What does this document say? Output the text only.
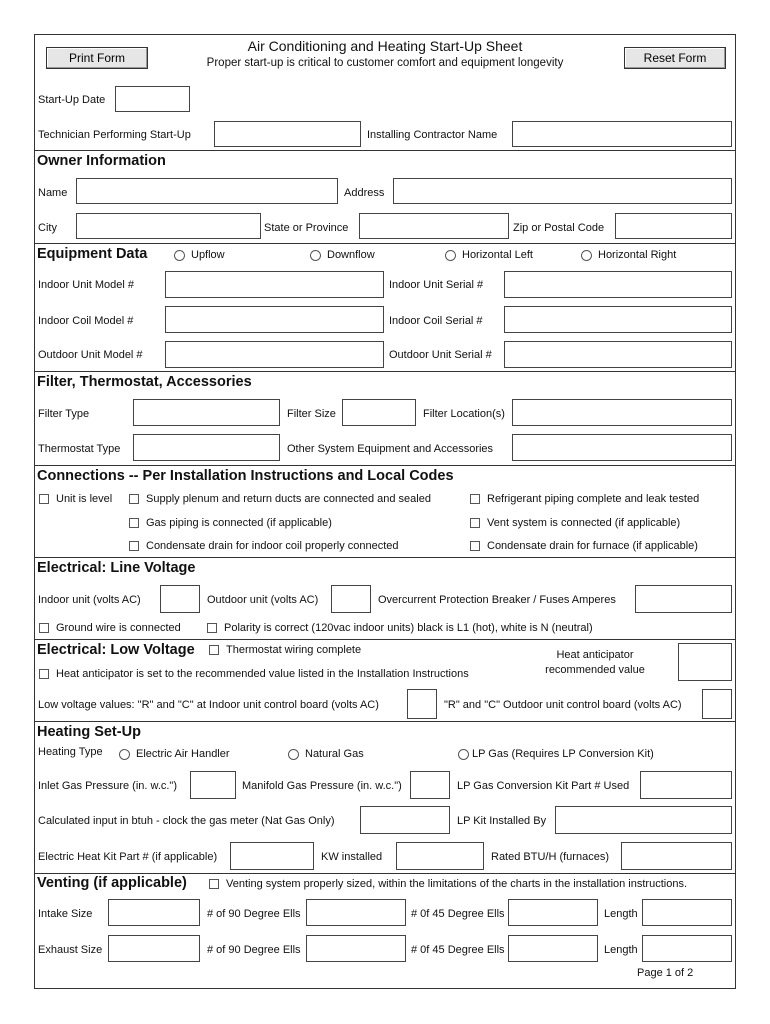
Print Form
Air Conditioning and Heating Start-Up Sheet
Proper start-up is critical to customer comfort and equipment longevity	Reset Form
Start-Up Date
Technician Performing Start-Up	Installing Contractor Name
Owner Information
Name	Address
City	State or Province	Zip or Postal Code
Equipment Data	Upflow	Downflow	Horizontal Left	Horizontal Right
Indoor Unit Model #	Indoor Unit Serial #
Indoor Coil Model #	Indoor Coil Serial #
Outdoor Unit Model #	Outdoor Unit Serial #
Filter, Thermostat, Accessories
Filter Type	Filter Size	Filter Location(s)
Thermostat Type	Other System Equipment and Accessories
Connections -- Per Installation Instructions and Local Codes
Unit is level	Supply plenum and return ducts are connected and sealed	Refrigerant piping complete and leak tested
Gas piping is connected (if applicable)	Vent system is connected (if applicable)
Condensate drain for indoor coil properly connected	Condensate drain for furnace (if applicable)
Electrical: Line Voltage
Indoor unit (volts AC)	Outdoor unit (volts AC)	Overcurrent Protection Breaker / Fuses Amperes
Ground wire is connected	Polarity is correct (120vac indoor units) black is L1 (hot), white is N (neutral)
Electrical: Low Voltage	Thermostat wiring complete
Heat anticipator is set to the recommended value listed in the Installation Instructions
Heat anticipator
recommended value
Low voltage values: "R" and "C" at Indoor unit control board (volts AC)	"R" and "C" Outdoor unit control board (volts AC)
Heating Set-Up
Heating Type	Electric Air Handler	Natural Gas	LP Gas (Requires LP Conversion Kit)
Inlet Gas Pressure (in. w.c.")	Manifold Gas Pressure (in. w.c.")	LP Gas Conversion Kit Part # Used
Calculated input in btuh - clock the gas meter (Nat Gas Only)	LP Kit Installed By
Electric Heat Kit Part # (if applicable)	KW installed	Rated BTU/H (furnaces)
Venting (if applicable)	Venting system properly sized, within the limitations of the charts in the installation instructions.
Intake Size	# of 90 Degree Ells	# 0f 45 Degree Ells	Length
Exhaust Size	# of 90 Degree Ells	# 0f 45 Degree Ells	Length
Page 1 of 2
